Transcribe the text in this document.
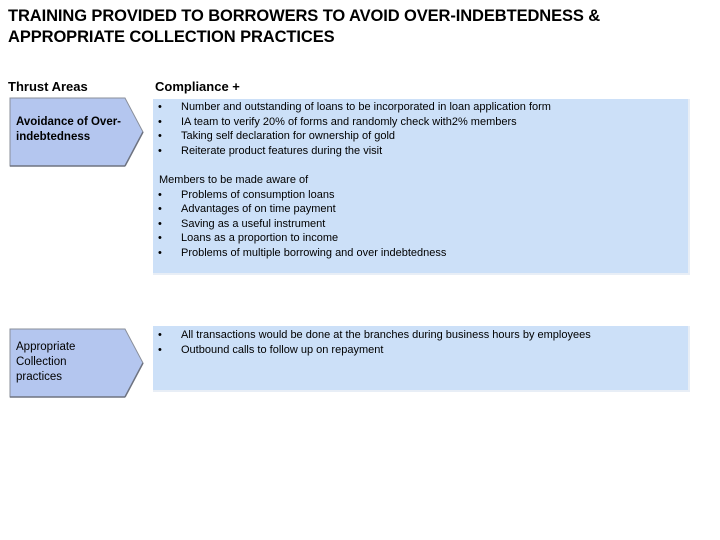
TRAINING PROVIDED TO BORROWERS TO AVOID OVER-INDEBTEDNESS & APPROPRIATE COLLECTION PRACTICES
Thrust Areas	Compliance +
Avoidance of Over-indebtedness
• Number and outstanding of loans to be incorporated in loan application form
• IA team to verify 20% of forms and randomly check with2% members
• Taking self declaration for ownership of gold
• Reiterate product features during the visit
Members to be made aware of
• Problems of consumption loans
• Advantages of on time payment
• Saving as a useful instrument
• Loans as a proportion to income
• Problems of multiple borrowing and over indebtedness
Appropriate Collection practices
• All transactions would be done at the branches during business hours by employees
• Outbound calls to follow up on repayment
